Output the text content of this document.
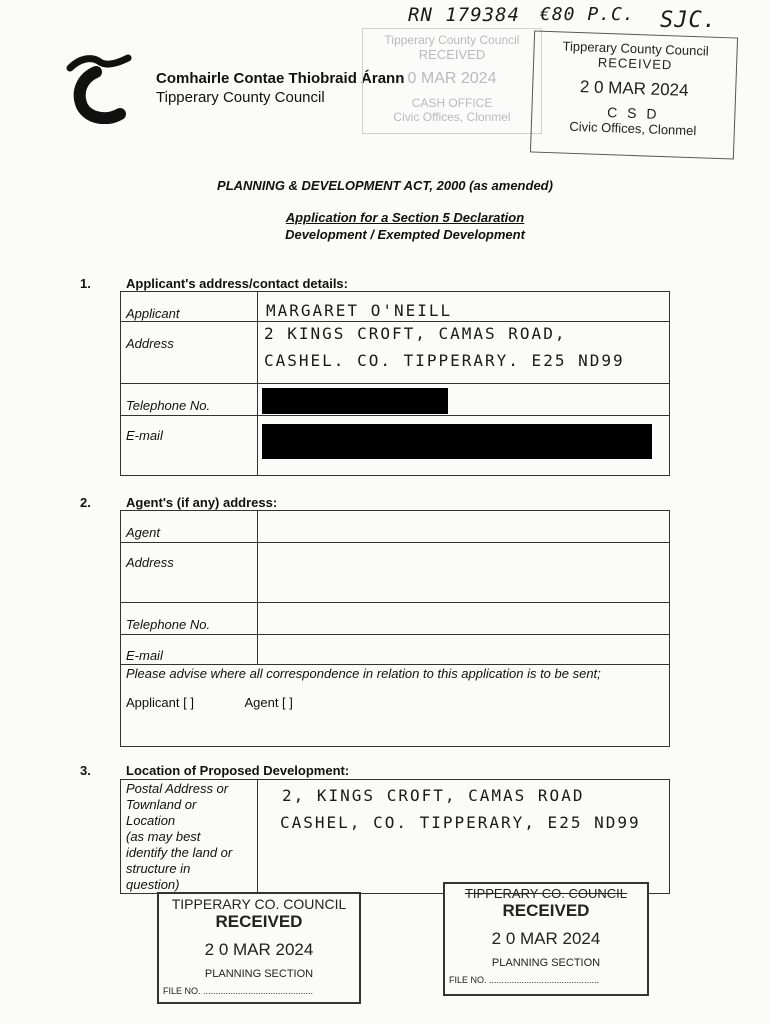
RN 179384 €80 P.C. SJC.
Comhairle Contae Thiobraid Árann
Tipperary County Council
Tipperary County Council
RECEIVED
0 MAR 2024
CASH OFFICE
Civic Offices, Clonmel
Tipperary County Council
RECEIVED
2 0 MAR 2024
C S D
Civic Offices, Clonmel
PLANNING & DEVELOPMENT ACT, 2000 (as amended)
Application for a Section 5 Declaration
Development / Exempted Development
1.	Applicant's address/contact details:
Applicant	MARGARET O'NEILL

Address	2 KINGS CROFT, CAMAS ROAD,
CASHEL. CO. TIPPERARY. E25 ND99

Telephone No.	

E-mail	

2.	Agent's (if any) address:
Agent	

Address	

Telephone No.	

E-mail	

Please advise where all correspondence in relation to this application is to be sent;
Applicant [ ] Agent [ ]	
3.	Location of Proposed Development:
Postal Address or
Townland or
Location
(as may best
identify the land or
structure in
question)

2, KINGS CROFT, CAMAS ROAD
CASHEL, CO. TIPPERARY, E25 ND99
TIPPERARY CO. COUNCIL
RECEIVED
2 0 MAR 2024
PLANNING SECTION
FILE NO. ............................................
TIPPERARY CO. COUNCIL
RECEIVED
2 0 MAR 2024
PLANNING SECTION
FILE NO. ............................................
